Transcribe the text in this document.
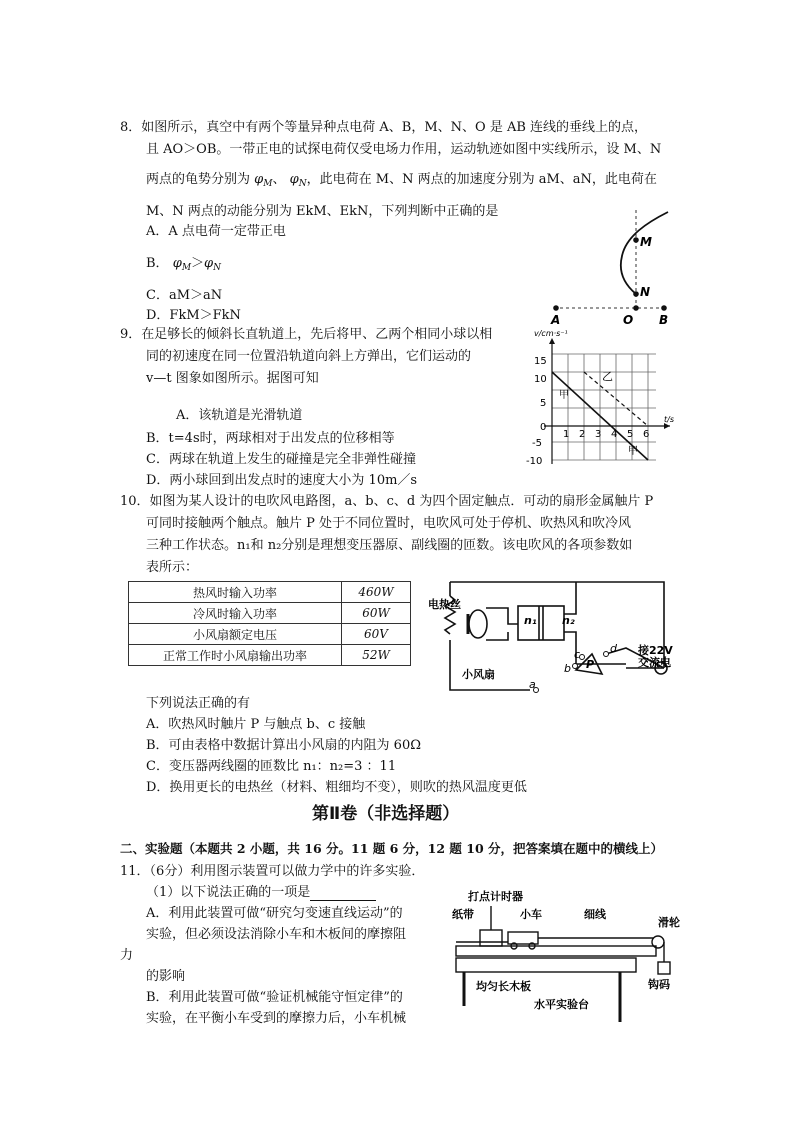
8．如图所示，真空中有两个等量异种点电荷 A、B，M、N、O 是 AB 连线的垂线上的点，
且 AO＞OB。一带正电的试探电荷仅受电场力作用，运动轨迹如图中实线所示，设 M、N
两点的龟势分别为 $\varphi_M$、 $\varphi_N$，此电荷在 M、N 两点的加速度分别为 aM、aN，此电荷在
M、N 两点的动能分别为 EkM、EkN，下列判断中正确的是
A．A 点电荷一定带正电
B． $\varphi_M>\varphi_N$
C．aM＞aN
D．FkM＞FkN
M
N
A	O B
9．在足够长的倾斜长直轨道上，先后将甲、乙两个相同小球以相
同的初速度在同一位置沿轨道向斜上方弹出，它们运动的
v—t 图象如图所示。据图可知
A．该轨道是光滑轨道
B．t=4s时，两球相对于出发点的位移相等
C．两球在轨道上发生的碰撞是完全非弹性碰撞
D．两小球回到出发点时的速度大小为 10m／s
v/cm·s⁻¹
t/s
15
10
5
0
-5
-10
1 2 3 4 5 6
甲
乙
甲
10．如图为某人设计的电吹风电路图，a、b、c、d 为四个固定触点．可动的扇形金属触片 P
可同时接触两个触点。触片 P 处于不同位置时，电吹风可处于停机、吹热风和吹冷风
三种工作状态。n₁和 n₂分别是理想变压器原、副线圈的匝数。该电吹风的各项参数如
表所示：
热风时输入功率	460W
冷风时输入功率	60W
小风扇额定电压	60V
正常工作时小风扇输出功率	52W
电热丝
小风扇
n₁ n₂
接22V
交流电
a
b
c	d
P
下列说法正确的有
A．吹热风时触片 P 与触点 b、c 接触
B．可由表格中数据计算出小风扇的内阻为 60Ω
C．变压器两线圈的匝数比 n₁：n₂=3 ：11
D．换用更长的电热丝（材料、粗细均不变），则吹的热风温度更低
第Ⅱ卷（非选择题）
二、实验题（本题共 2 小题，共 16 分。11 题 6 分，12 题 10 分，把答案填在题中的横线上）
11．（6分）利用图示装置可以做力学中的许多实验．
（1）以下说法正确的一项是
A．利用此装置可做“研究匀变速直线运动”的
实验，但必须设法消除小车和木板间的摩擦阻
力
的影响
B．利用此装置可做“验证机械能守恒定律”的
实验，在平衡小车受到的摩擦力后，小车机械
打点计时器
纸带	小车	细线
滑轮
均匀长木板	钩码
水平实验台
